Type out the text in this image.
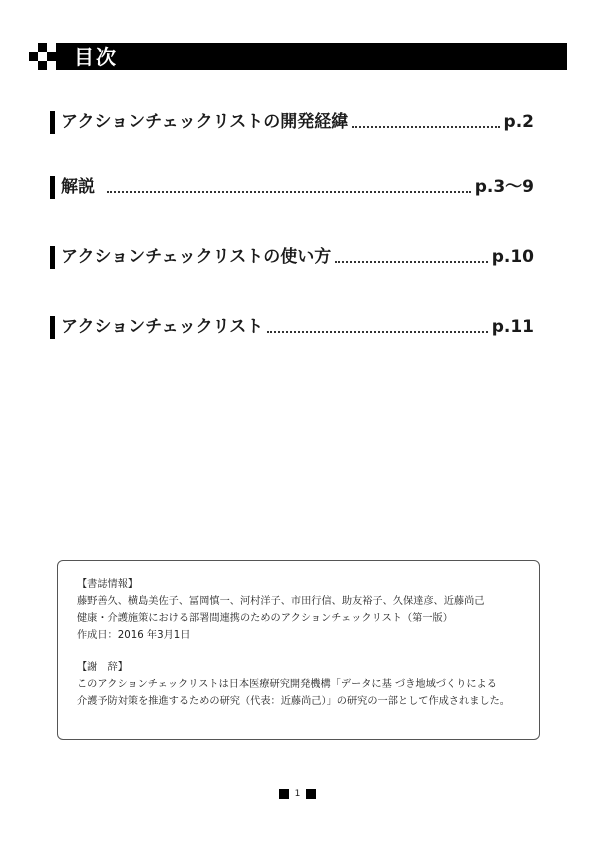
目次
アクションチェックリストの開発経緯	p.2
解説	p.3〜9
アクションチェックリストの使い方	p.10
アクションチェックリスト	p.11

【書誌情報】

藤野善久、横島美佐子、冨岡慎一、河村洋子、市田行信、助友裕子、久保達彦、近藤尚己

健康・介護施策における部署間連携のためのアクションチェックリスト（第一版）

作成日：2016 年3月1日

【謝　辞】

このアクションチェックリストは日本医療研究開発機構「データに基 づき地域づくりによる

介護予防対策を推進するための研究（代表：近藤尚己）」の研究の一部として作成されました。

1
